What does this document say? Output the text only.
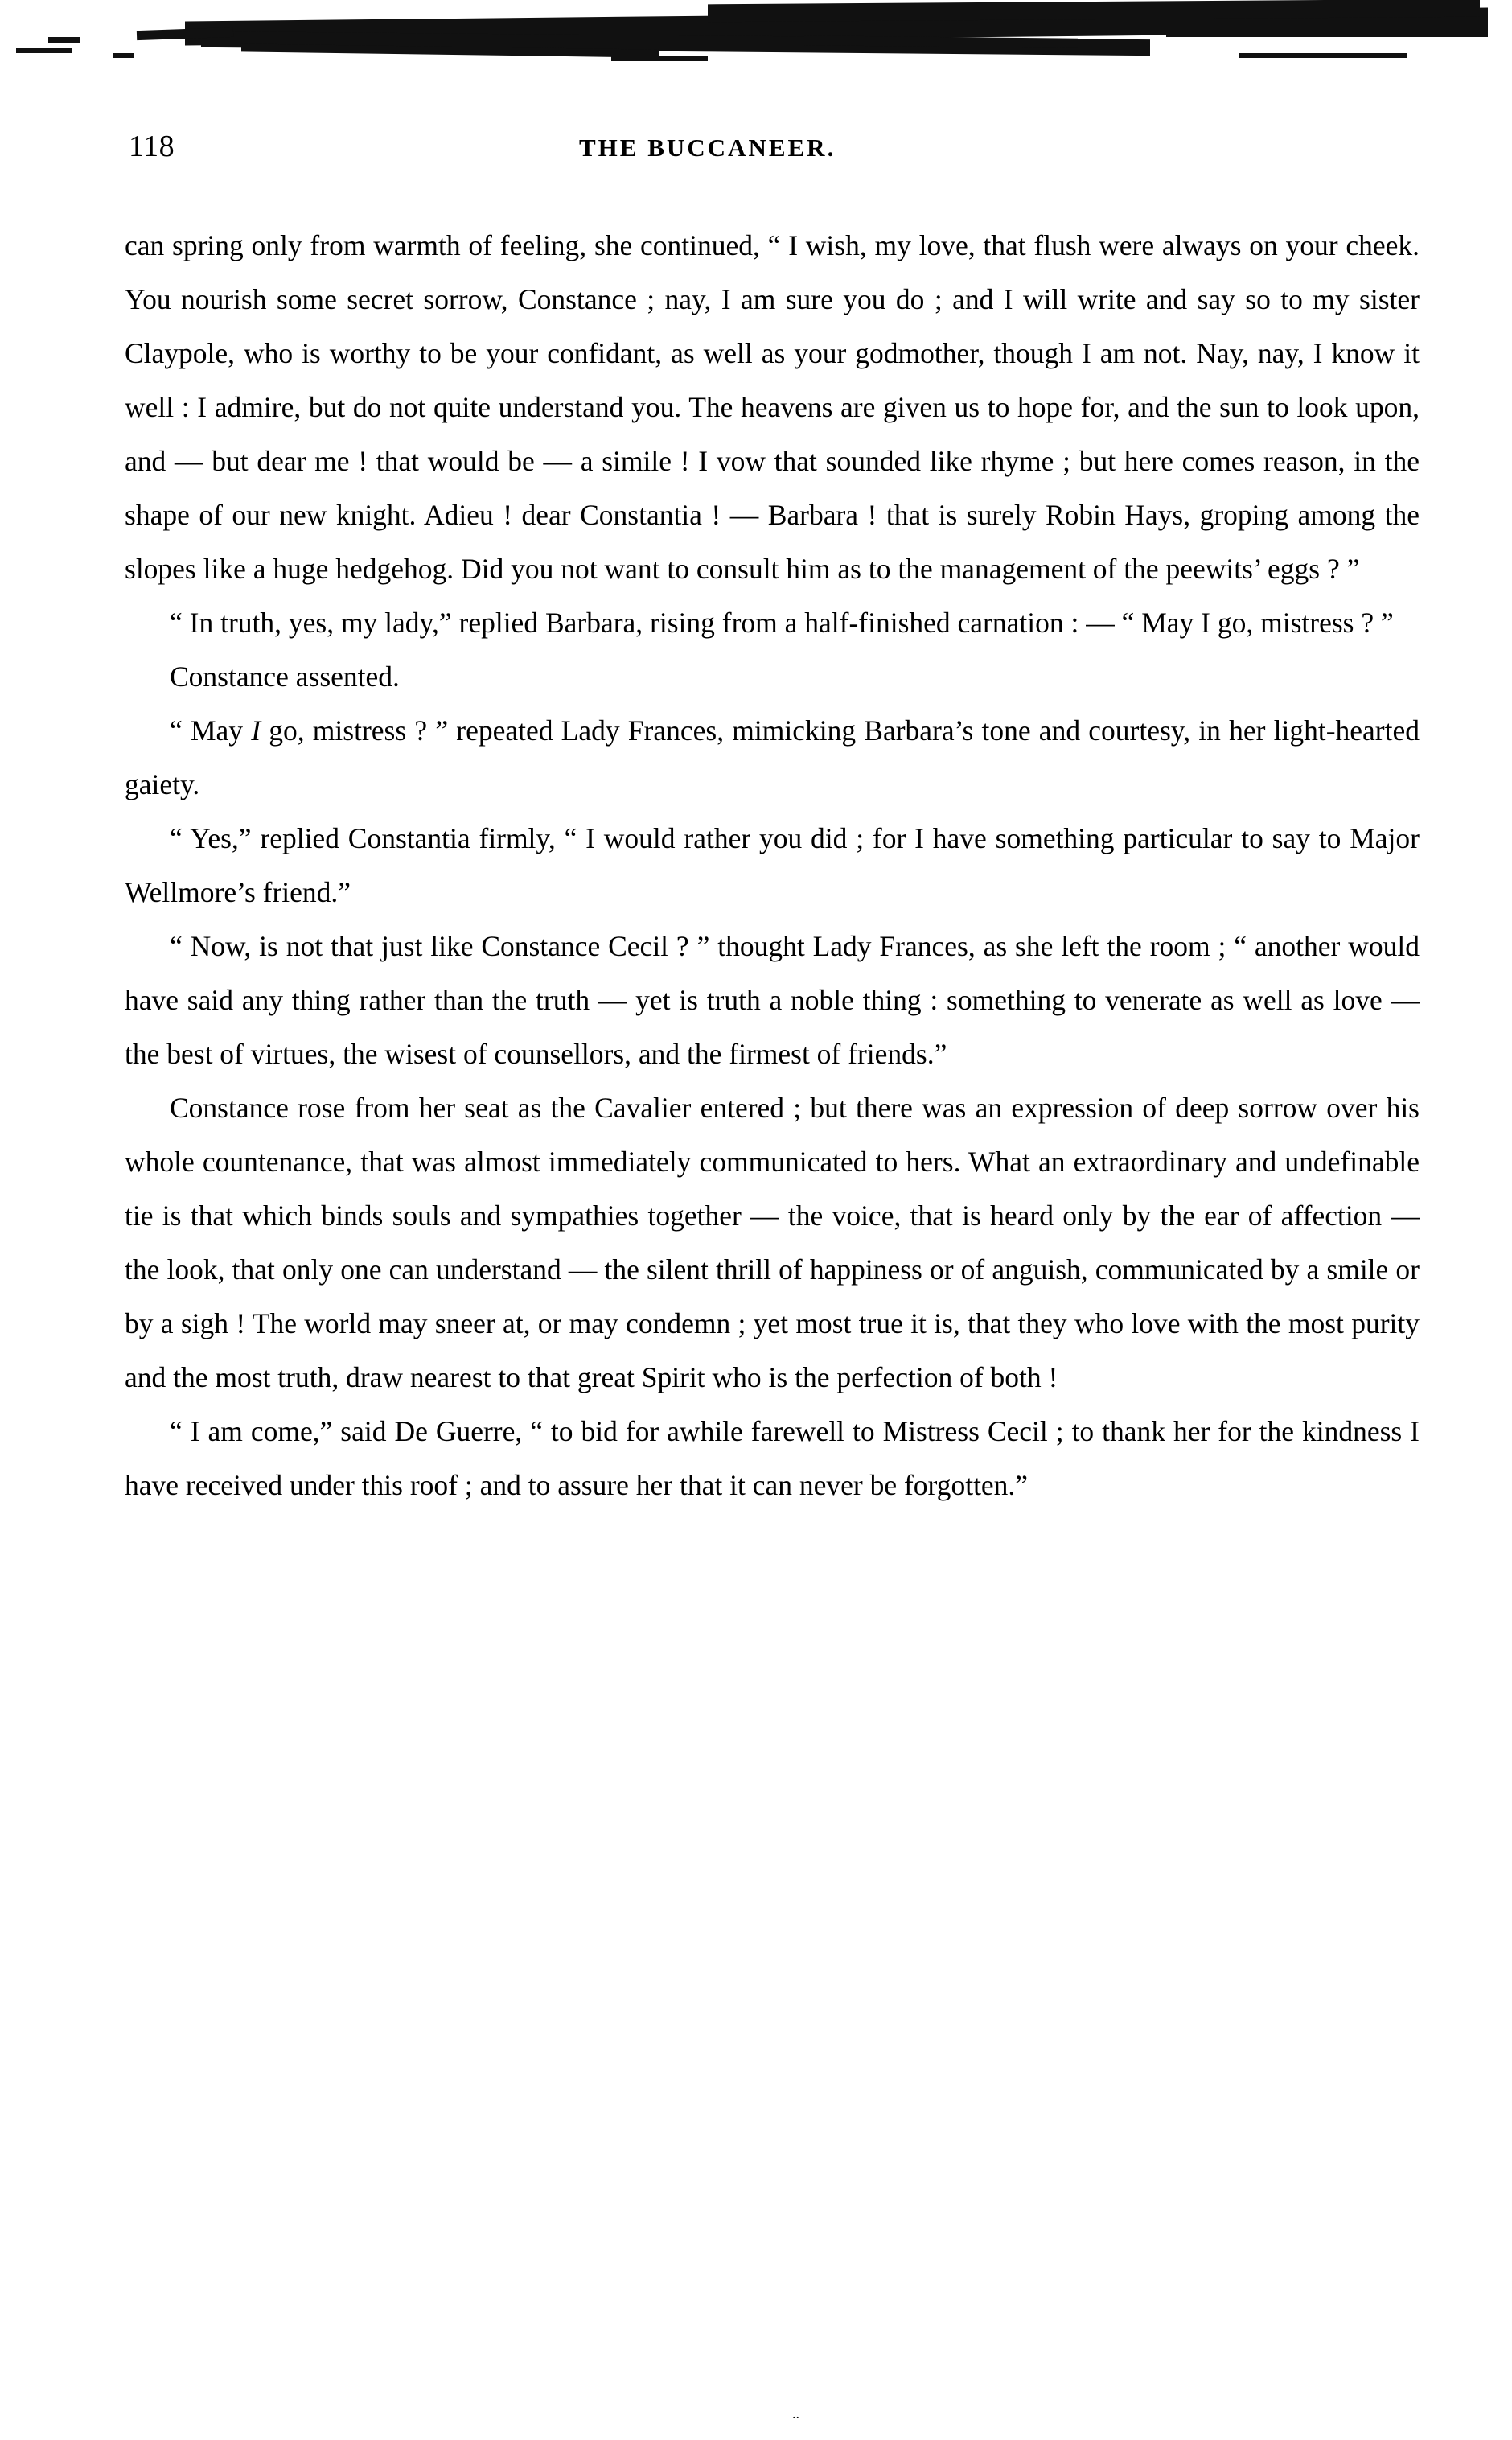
118	THE BUCCANEER.

can spring only from warmth of feeling, she continued, “ I wish, my love, that flush were always on your cheek. You nourish some secret sorrow, Constance ; nay, I am sure you do ; and I will write and say so to my sister Claypole, who is worthy to be your confidant, as well as your godmother, though I am not. Nay, nay, I know it well : I admire, but do not quite understand you. The heavens are given us to hope for, and the sun to look upon, and — but dear me ! that would be — a simile ! I vow that sounded like rhyme ; but here comes reason, in the shape of our new knight. Adieu ! dear Constantia ! — Barbara ! that is surely Robin Hays, groping among the slopes like a huge hedgehog. Did you not want to consult him as to the management of the peewits’ eggs ? ”

“ In truth, yes, my lady,” replied Barbara, rising from a half-finished carnation : — “ May I go, mistress ? ”

Constance assented.

“ May I go, mistress ? ” repeated Lady Frances, mimicking Barbara’s tone and courtesy, in her light-hearted gaiety.

“ Yes,” replied Constantia firmly, “ I would rather you did ; for I have something particular to say to Major Wellmore’s friend.”

“ Now, is not that just like Constance Cecil ? ” thought Lady Frances, as she left the room ; “ another would have said any thing rather than the truth — yet is truth a noble thing : something to venerate as well as love — the best of virtues, the wisest of counsellors, and the firmest of friends.”

Constance rose from her seat as the Cavalier entered ; but there was an expression of deep sorrow over his whole countenance, that was almost immediately communicated to hers. What an extraordinary and undefinable tie is that which binds souls and sympathies together — the voice, that is heard only by the ear of affection — the look, that only one can understand — the silent thrill of happiness or of anguish, communicated by a smile or by a sigh ! The world may sneer at, or may condemn ; yet most true it is, that they who love with the most purity and the most truth, draw nearest to that great Spirit who is the perfection of both !

“ I am come,” said De Guerre, “ to bid for awhile farewell to Mistress Cecil ; to thank her for the kindness I have received under this roof ; and to assure her that it can never be forgotten.”

..
